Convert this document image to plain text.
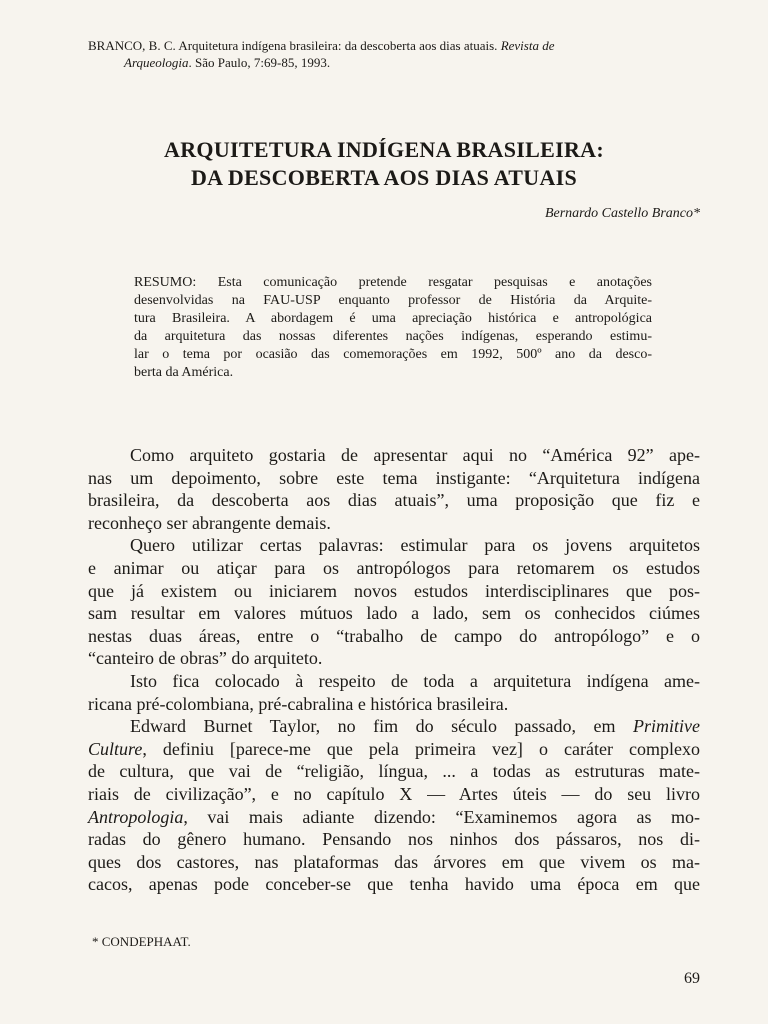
BRANCO, B. C. Arquitetura indígena brasileira: da descoberta aos dias atuais. Revista de
Arqueologia. São Paulo, 7:69-85, 1993.
ARQUITETURA INDÍGENA BRASILEIRA:
DA DESCOBERTA AOS DIAS ATUAIS
Bernardo Castello Branco*
RESUMO: Esta comunicação pretende resgatar pesquisas e anotações
desenvolvidas na FAU-USP enquanto professor de História da Arquite-
tura Brasileira. A abordagem é uma apreciação histórica e antropológica
da arquitetura das nossas diferentes nações indígenas, esperando estimu-
lar o tema por ocasião das comemorações em 1992, 500º ano da desco-
berta da América.
Como arquiteto gostaria de apresentar aqui no “América 92” ape-
nas um depoimento, sobre este tema instigante: “Arquitetura indígena
brasileira, da descoberta aos dias atuais”, uma proposição que fiz e
reconheço ser abrangente demais.
Quero utilizar certas palavras: estimular para os jovens arquitetos
e animar ou atiçar para os antropólogos para retomarem os estudos
que já existem ou iniciarem novos estudos interdisciplinares que pos-
sam resultar em valores mútuos lado a lado, sem os conhecidos ciúmes
nestas duas áreas, entre o “trabalho de campo do antropólogo” e o
“canteiro de obras” do arquiteto.
Isto fica colocado à respeito de toda a arquitetura indígena ame-
ricana pré-colombiana, pré-cabralina e histórica brasileira.
Edward Burnet Taylor, no fim do século passado, em Primitive
Culture, definiu [parece-me que pela primeira vez] o caráter complexo
de cultura, que vai de “religião, língua, ... a todas as estruturas mate-
riais de civilização”, e no capítulo X — Artes úteis — do seu livro
Antropologia, vai mais adiante dizendo: “Examinemos agora as mo-
radas do gênero humano. Pensando nos ninhos dos pássaros, nos di-
ques dos castores, nas plataformas das árvores em que vivem os ma-
cacos, apenas pode conceber-se que tenha havido uma época em que
* CONDEPHAAT.
69
